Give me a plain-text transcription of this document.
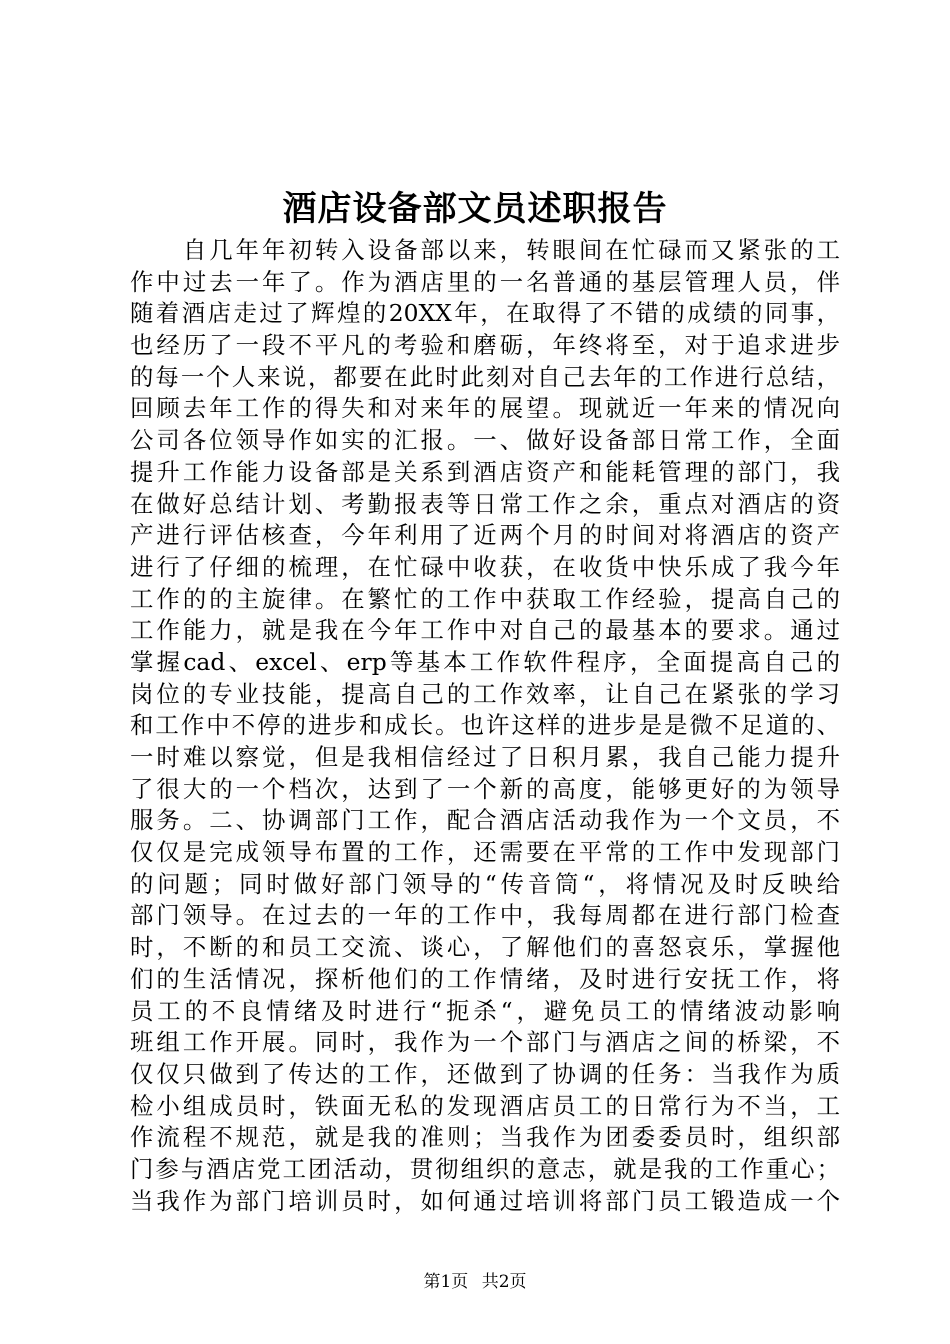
酒店设备部文员述职报告
　　自几年年初转入设备部以来，转眼间在忙碌而又紧张的工
作中过去一年了。作为酒店里的一名普通的基层管理人员，伴
随着酒店走过了辉煌的20XX年，在取得了不错的成绩的同事，
也经历了一段不平凡的考验和磨砺，年终将至，对于追求进步
的每一个人来说，都要在此时此刻对自己去年的工作进行总结，
回顾去年工作的得失和对来年的展望。现就近一年来的情况向
公司各位领导作如实的汇报。一、做好设备部日常工作，全面
提升工作能力设备部是关系到酒店资产和能耗管理的部门，我
在做好总结计划、考勤报表等日常工作之余，重点对酒店的资
产进行评估核查，今年利用了近两个月的时间对将酒店的资产
进行了仔细的梳理，在忙碌中收获，在收货中快乐成了我今年
工作的的主旋律。在繁忙的工作中获取工作经验，提高自己的
工作能力，就是我在今年工作中对自己的最基本的要求。通过
掌握cad、excel、erp等基本工作软件程序，全面提高自己的
岗位的专业技能，提高自己的工作效率，让自己在紧张的学习
和工作中不停的进步和成长。也许这样的进步是是微不足道的、
一时难以察觉，但是我相信经过了日积月累，我自己能力提升
了很大的一个档次，达到了一个新的高度，能够更好的为领导
服务。二、协调部门工作，配合酒店活动我作为一个文员，不
仅仅是完成领导布置的工作，还需要在平常的工作中发现部门
的问题；同时做好部门领导的“传音筒“，将情况及时反映给
部门领导。在过去的一年的工作中，我每周都在进行部门检查
时，不断的和员工交流、谈心，了解他们的喜怒哀乐，掌握他
们的生活情况，探析他们的工作情绪，及时进行安抚工作，将
员工的不良情绪及时进行“扼杀“，避免员工的情绪波动影响
班组工作开展。同时，我作为一个部门与酒店之间的桥梁，不
仅仅只做到了传达的工作，还做到了协调的任务：当我作为质
检小组成员时，铁面无私的发现酒店员工的日常行为不当，工
作流程不规范，就是我的准则；当我作为团委委员时，组织部
门参与酒店党工团活动，贯彻组织的意志，就是我的工作重心；
当我作为部门培训员时，如何通过培训将部门员工锻造成一个
第1页 共2页
